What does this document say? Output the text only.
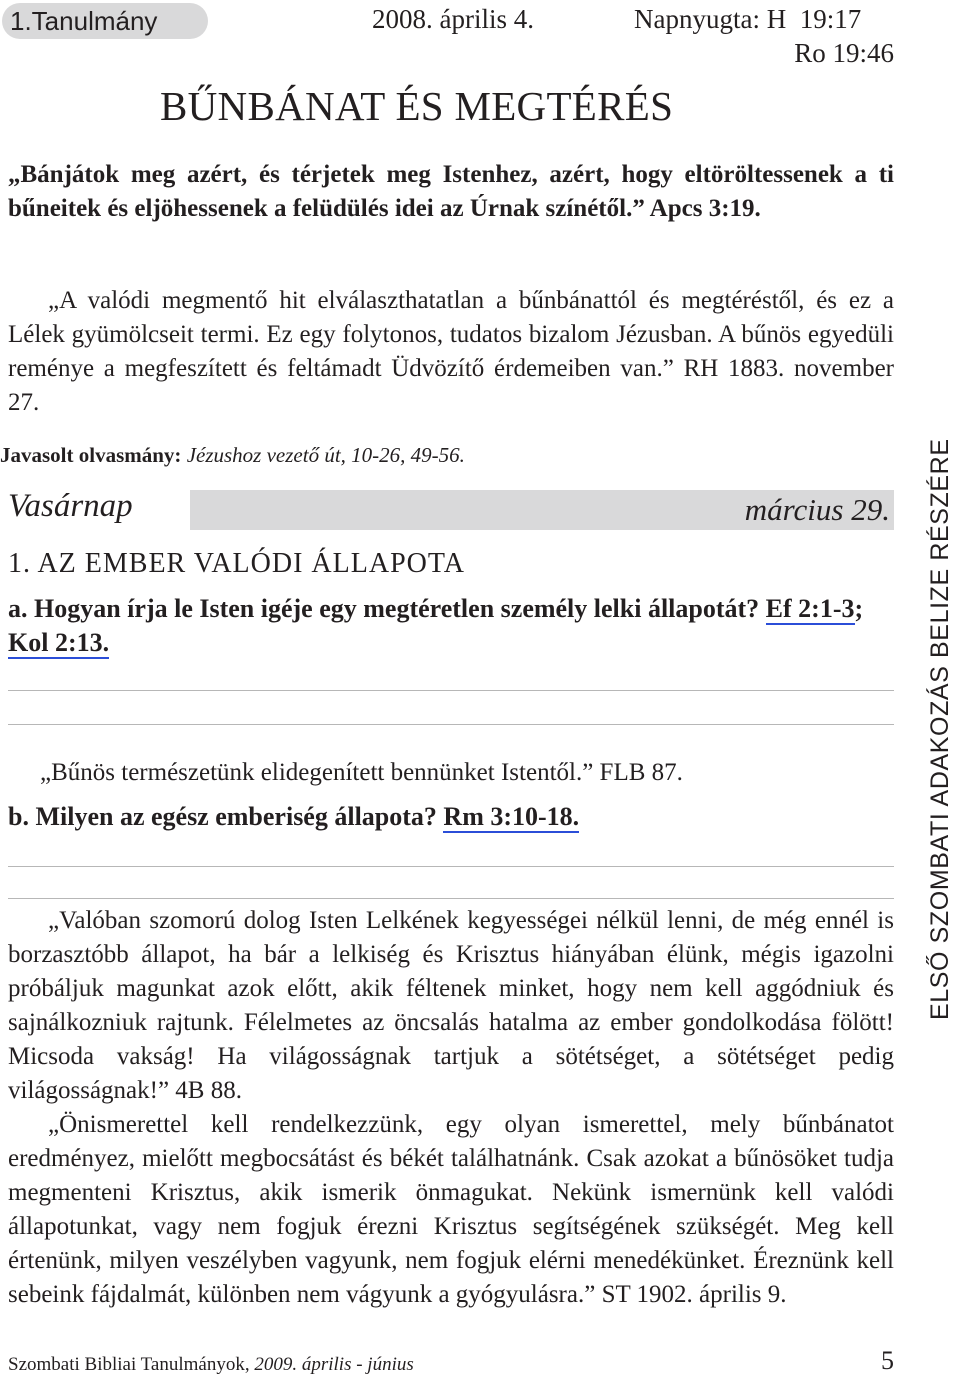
1.Tanulmány	2008. április 4.	Napnyugta: H  19:17
Ro 19:46
BŰNBÁNAT ÉS MEGTÉRÉS

„Bánjátok meg azért, és térjetek meg Istenhez, azért, hogy eltöröltessenek a ti bűneitek és eljöhessenek a felüdülés idei az Úrnak színétől.” Apcs 3:19.

„A valódi megmentő hit elválaszthatatlan a bűnbánattól és megtéréstől, és ez a Lélek gyümölcseit termi. Ez egy folytonos, tudatos bizalom Jézusban. A bűnös egyedüli reménye a megfeszített és feltámadt Üdvözítő érdemeiben van.” RH 1883. november 27.

Javasolt olvasmány: Jézushoz vezető út, 10-26, 49-56.
Vasárnap	március 29.
1. AZ EMBER VALÓDI ÁLLAPOTA

a. Hogyan írja le Isten igéje egy megtéretlen személy lelki állapotát? Ef 2:1-3; Kol 2:13.

„Bűnös természetünk elidegenített bennünket Istentől.” FLB 87.

b. Milyen az egész emberiség állapota? Rm 3:10-18.

„Valóban szomorú dolog Isten Lelkének kegyességei nélkül lenni, de még ennél is borzasztóbb állapot, ha bár a lelkiség és Krisztus hiányában élünk, mégis igazolni próbáljuk magunkat azok előtt, akik féltenek minket, hogy nem kell aggódniuk és sajnálkozniuk rajtunk. Félelmetes az öncsalás hatalma az ember gondolkodása fölött! Micsoda vakság! Ha világosságnak tartjuk a sötétséget, a sötétséget pedig világosságnak!” 4B 88.

„Önismerettel kell rendelkezzünk, egy olyan ismerettel, mely bűnbánatot eredményez, mielőtt megbocsátást és békét találhatnánk. Csak azokat a bűnösöket tudja megmenteni Krisztus, akik ismerik önmagukat. Nekünk ismernünk kell valódi állapotunkat, vagy nem fogjuk érezni Krisztus segítségének szükségét. Meg kell értenünk, milyen veszélyben vagyunk, nem fogjuk elérni menedékünket. Éreznünk kell sebeink fájdalmát, különben nem vágyunk a gyógyulásra.” ST 1902. április 9.

Szombati Bibliai Tanulmányok, 2009. április - június	5
ELSŐ SZOMBATI ADAKOZÁS BELIZE RÉSZÉRE
